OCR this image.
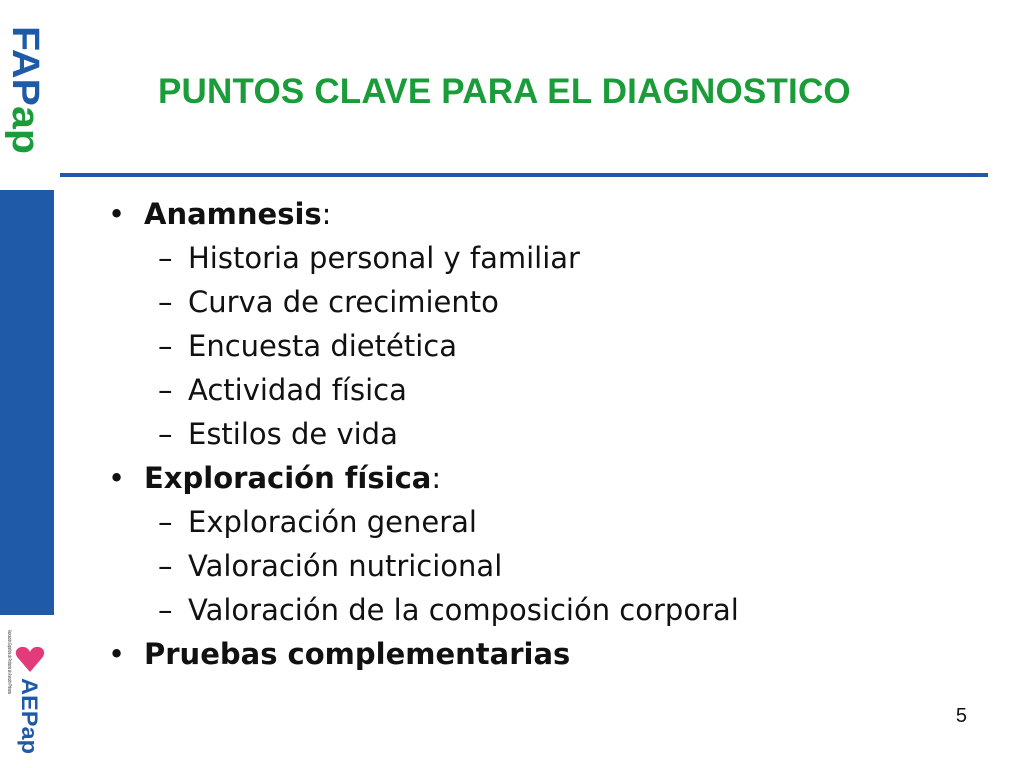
FAPap
Asociación Española de Pediatría de Atención Primaria AEPap
PUNTOS CLAVE PARA EL DIAGNOSTICO
• Anamnesis:
– Historia personal y familiar
– Curva de crecimiento
– Encuesta dietética
– Actividad física
– Estilos de vida
• Exploración física:
– Exploración general
– Valoración nutricional
– Valoración de la composición corporal
• Pruebas complementarias
5
